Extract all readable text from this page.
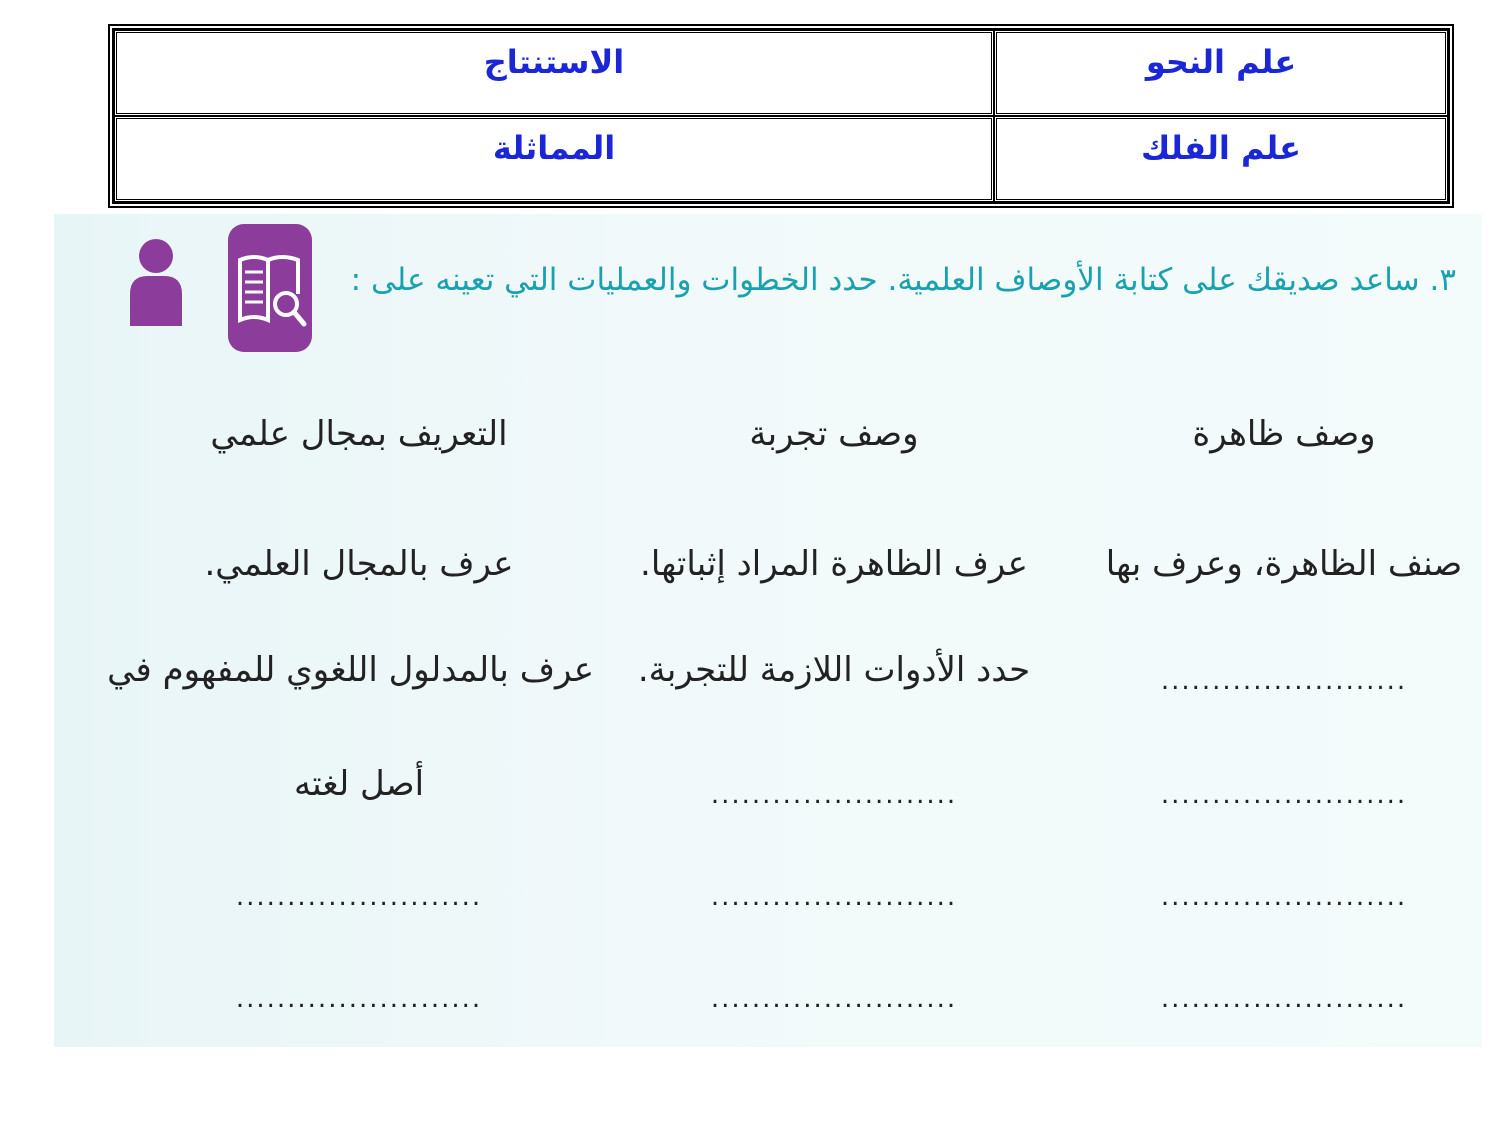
الاستنتاج	علم النحو
المماثلة	علم الفلك
٣. ساعد صديقك على كتابة الأوصاف العلمية. حدد الخطوات والعمليات التي تعينه على :
وصف ظاهرة
صنف الظاهرة، وعرف بها
........................
........................
........................
........................
وصف تجربة
عرف الظاهرة المراد إثباتها.
حدد الأدوات اللازمة للتجربة.
........................
........................
........................
التعريف بمجال علمي
عرف بالمجال العلمي.
عرف بالمدلول اللغوي للمفهوم في
أصل لغته
........................
........................
